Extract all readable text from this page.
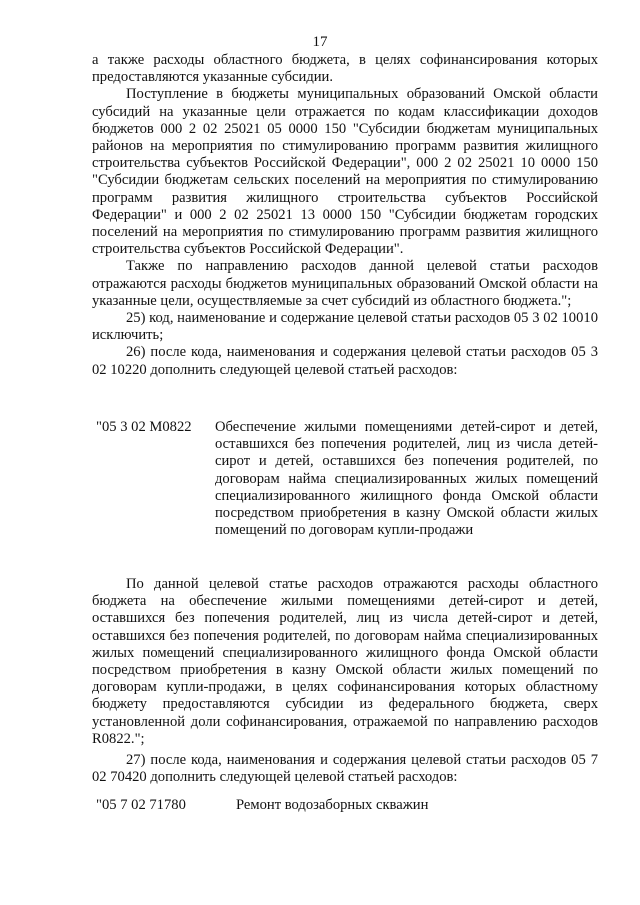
17

а также расходы областного бюджета, в целях софинансирования которых предоставляются указанные субсидии.

Поступление в бюджеты муниципальных образований Омской области субсидий на указанные цели отражается по кодам классификации доходов бюджетов 000 2 02 25021 05 0000 150 "Субсидии бюджетам муниципальных районов на мероприятия по стимулированию программ развития жилищного строительства субъектов Российской Федерации", 000 2 02 25021 10 0000 150 "Субсидии бюджетам сельских поселений на мероприятия по стимулированию программ развития жилищного строительства субъектов Российской Федерации" и 000 2 02 25021 13 0000 150 "Субсидии бюджетам городских поселений на мероприятия по стимулированию программ развития жилищного строительства субъектов Российской Федерации".

Также по направлению расходов данной целевой статьи расходов отражаются расходы бюджетов муниципальных образований Омской области на указанные цели, осуществляемые за счет субсидий из областного бюджета.";

25) код, наименование и содержание целевой статьи расходов 05 3 02 10010 исключить;

26) после кода, наименования и содержания целевой статьи расходов 05 3 02 10220 дополнить следующей целевой статьей расходов:

"05 3 02 М0822 Обеспечение жилыми помещениями детей-сирот и детей, оставшихся без попечения родителей, лиц из числа детей-сирот и детей, оставшихся без попечения родителей, по договорам найма специализированных жилых помещений специализированного жилищного фонда Омской области посредством приобретения в казну Омской области жилых помещений по договорам купли-продажи

По данной целевой статье расходов отражаются расходы областного бюджета на обеспечение жилыми помещениями детей-сирот и детей, оставшихся без попечения родителей, лиц из числа детей-сирот и детей, оставшихся без попечения родителей, по договорам найма специализированных жилых помещений специализированного жилищного фонда Омской области посредством приобретения в казну Омской области жилых помещений по договорам купли-продажи, в целях софинансирования которых областному бюджету предоставляются субсидии из федерального бюджета, сверх установленной доли софинансирования, отражаемой по направлению расходов R0822.";

27) после кода, наименования и содержания целевой статьи расходов 05 7 02 70420 дополнить следующей целевой статьей расходов:

"05 7 02 71780	Ремонт водозаборных скважин
